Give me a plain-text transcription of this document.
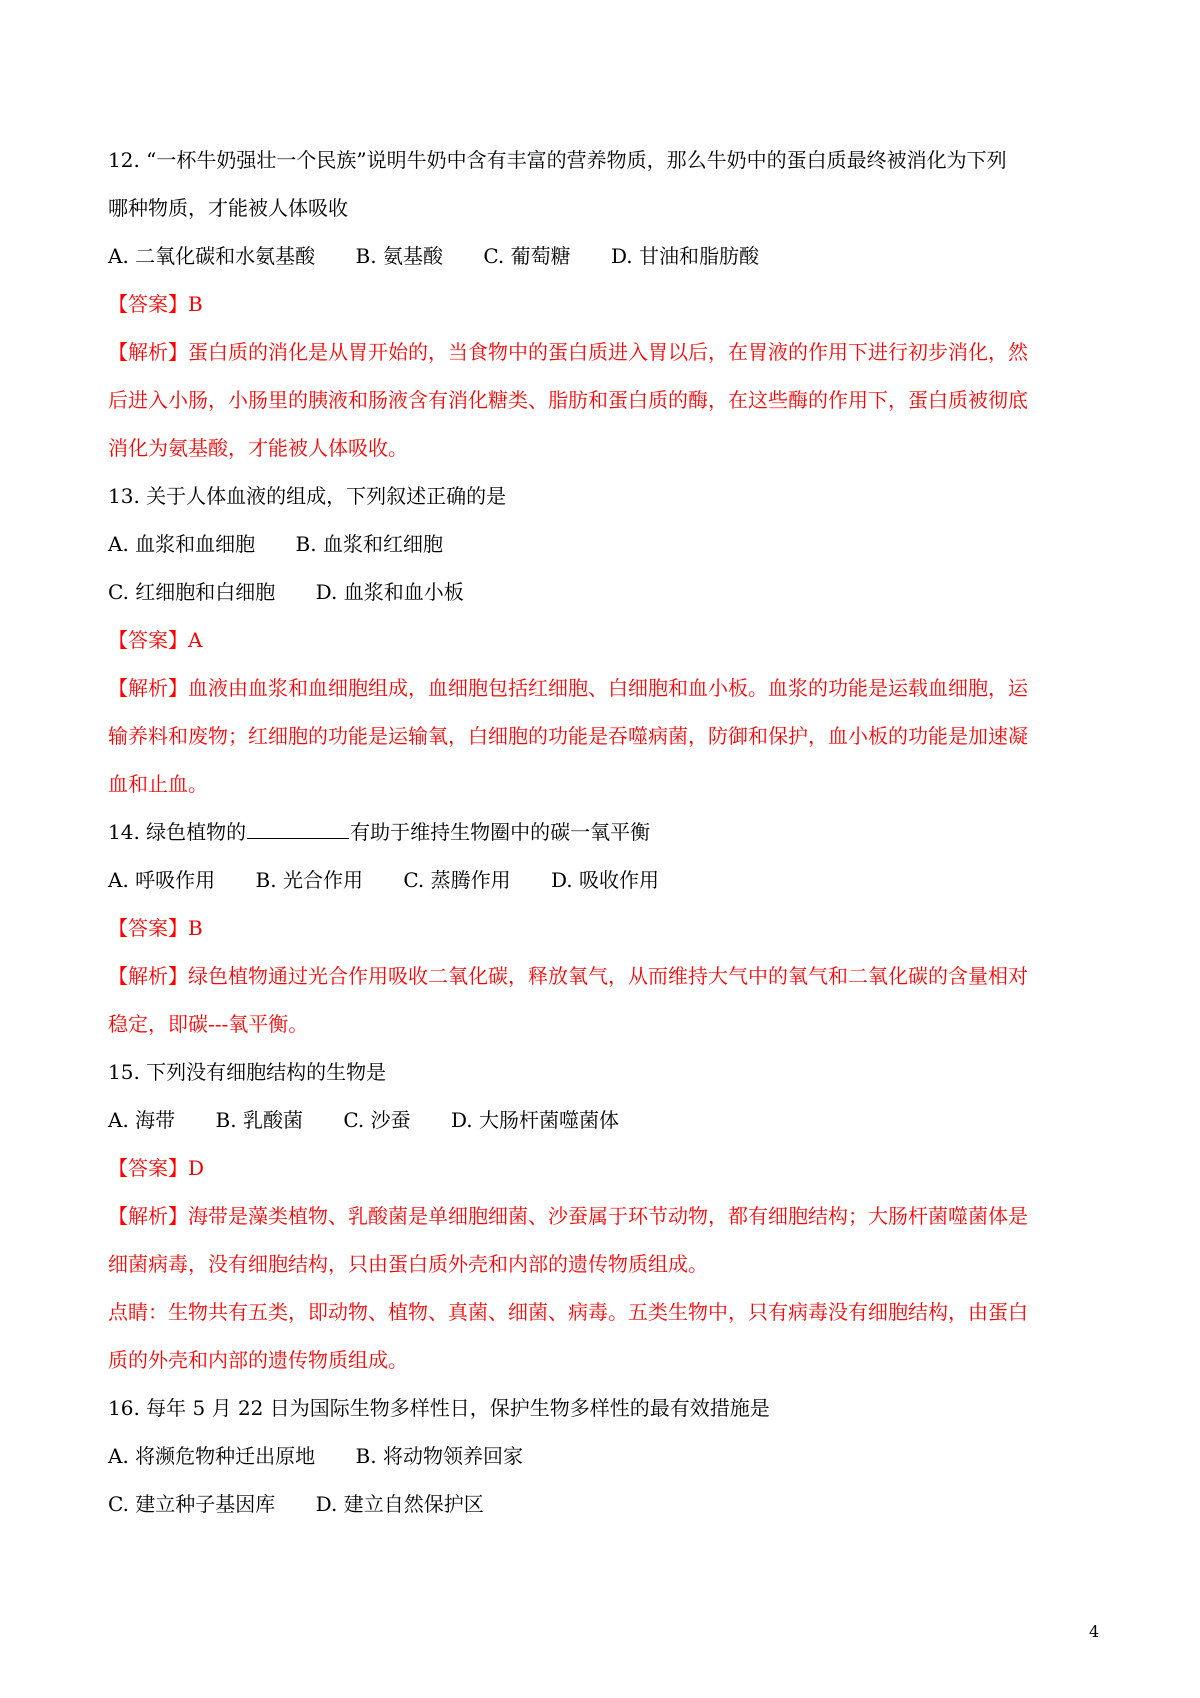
12. “一杯牛奶强壮一个民族”说明牛奶中含有丰富的营养物质，那么牛奶中的蛋白质最终被消化为下列

哪种物质，才能被人体吸收

A. 二氧化碳和水氨基酸 B. 氨基酸 C. 葡萄糖 D. 甘油和脂肪酸

【答案】B

【解析】蛋白质的消化是从胃开始的，当食物中的蛋白质进入胃以后，在胃液的作用下进行初步消化，然

后进入小肠，小肠里的胰液和肠液含有消化糖类、脂肪和蛋白质的酶，在这些酶的作用下，蛋白质被彻底

消化为氨基酸，才能被人体吸收。

13. 关于人体血液的组成，下列叙述正确的是

A. 血浆和血细胞 B. 血浆和红细胞

C. 红细胞和白细胞 D. 血浆和血小板

【答案】A

【解析】血液由血浆和血细胞组成，血细胞包括红细胞、白细胞和血小板。血浆的功能是运载血细胞，运

输养料和废物；红细胞的功能是运输氧，白细胞的功能是吞噬病菌，防御和保护，血小板的功能是加速凝

血和止血。

14. 绿色植物的	有助于维持生物圈中的碳一氧平衡

A. 呼吸作用 B. 光合作用 C. 蒸腾作用 D. 吸收作用

【答案】B

【解析】绿色植物通过光合作用吸收二氧化碳，释放氧气，从而维持大气中的氧气和二氧化碳的含量相对

稳定，即碳---氧平衡。

15. 下列没有细胞结构的生物是

A. 海带 B. 乳酸菌 C. 沙蚕 D. 大肠杆菌噬菌体

【答案】D

【解析】海带是藻类植物、乳酸菌是单细胞细菌、沙蚕属于环节动物，都有细胞结构；大肠杆菌噬菌体是

细菌病毒，没有细胞结构，只由蛋白质外壳和内部的遗传物质组成。

点睛：生物共有五类，即动物、植物、真菌、细菌、病毒。五类生物中，只有病毒没有细胞结构，由蛋白

质的外壳和内部的遗传物质组成。

16. 每年 5 月 22 日为国际生物多样性日，保护生物多样性的最有效措施是

A. 将濒危物种迁出原地 B. 将动物领养回家

C. 建立种子基因库 D. 建立自然保护区

4
